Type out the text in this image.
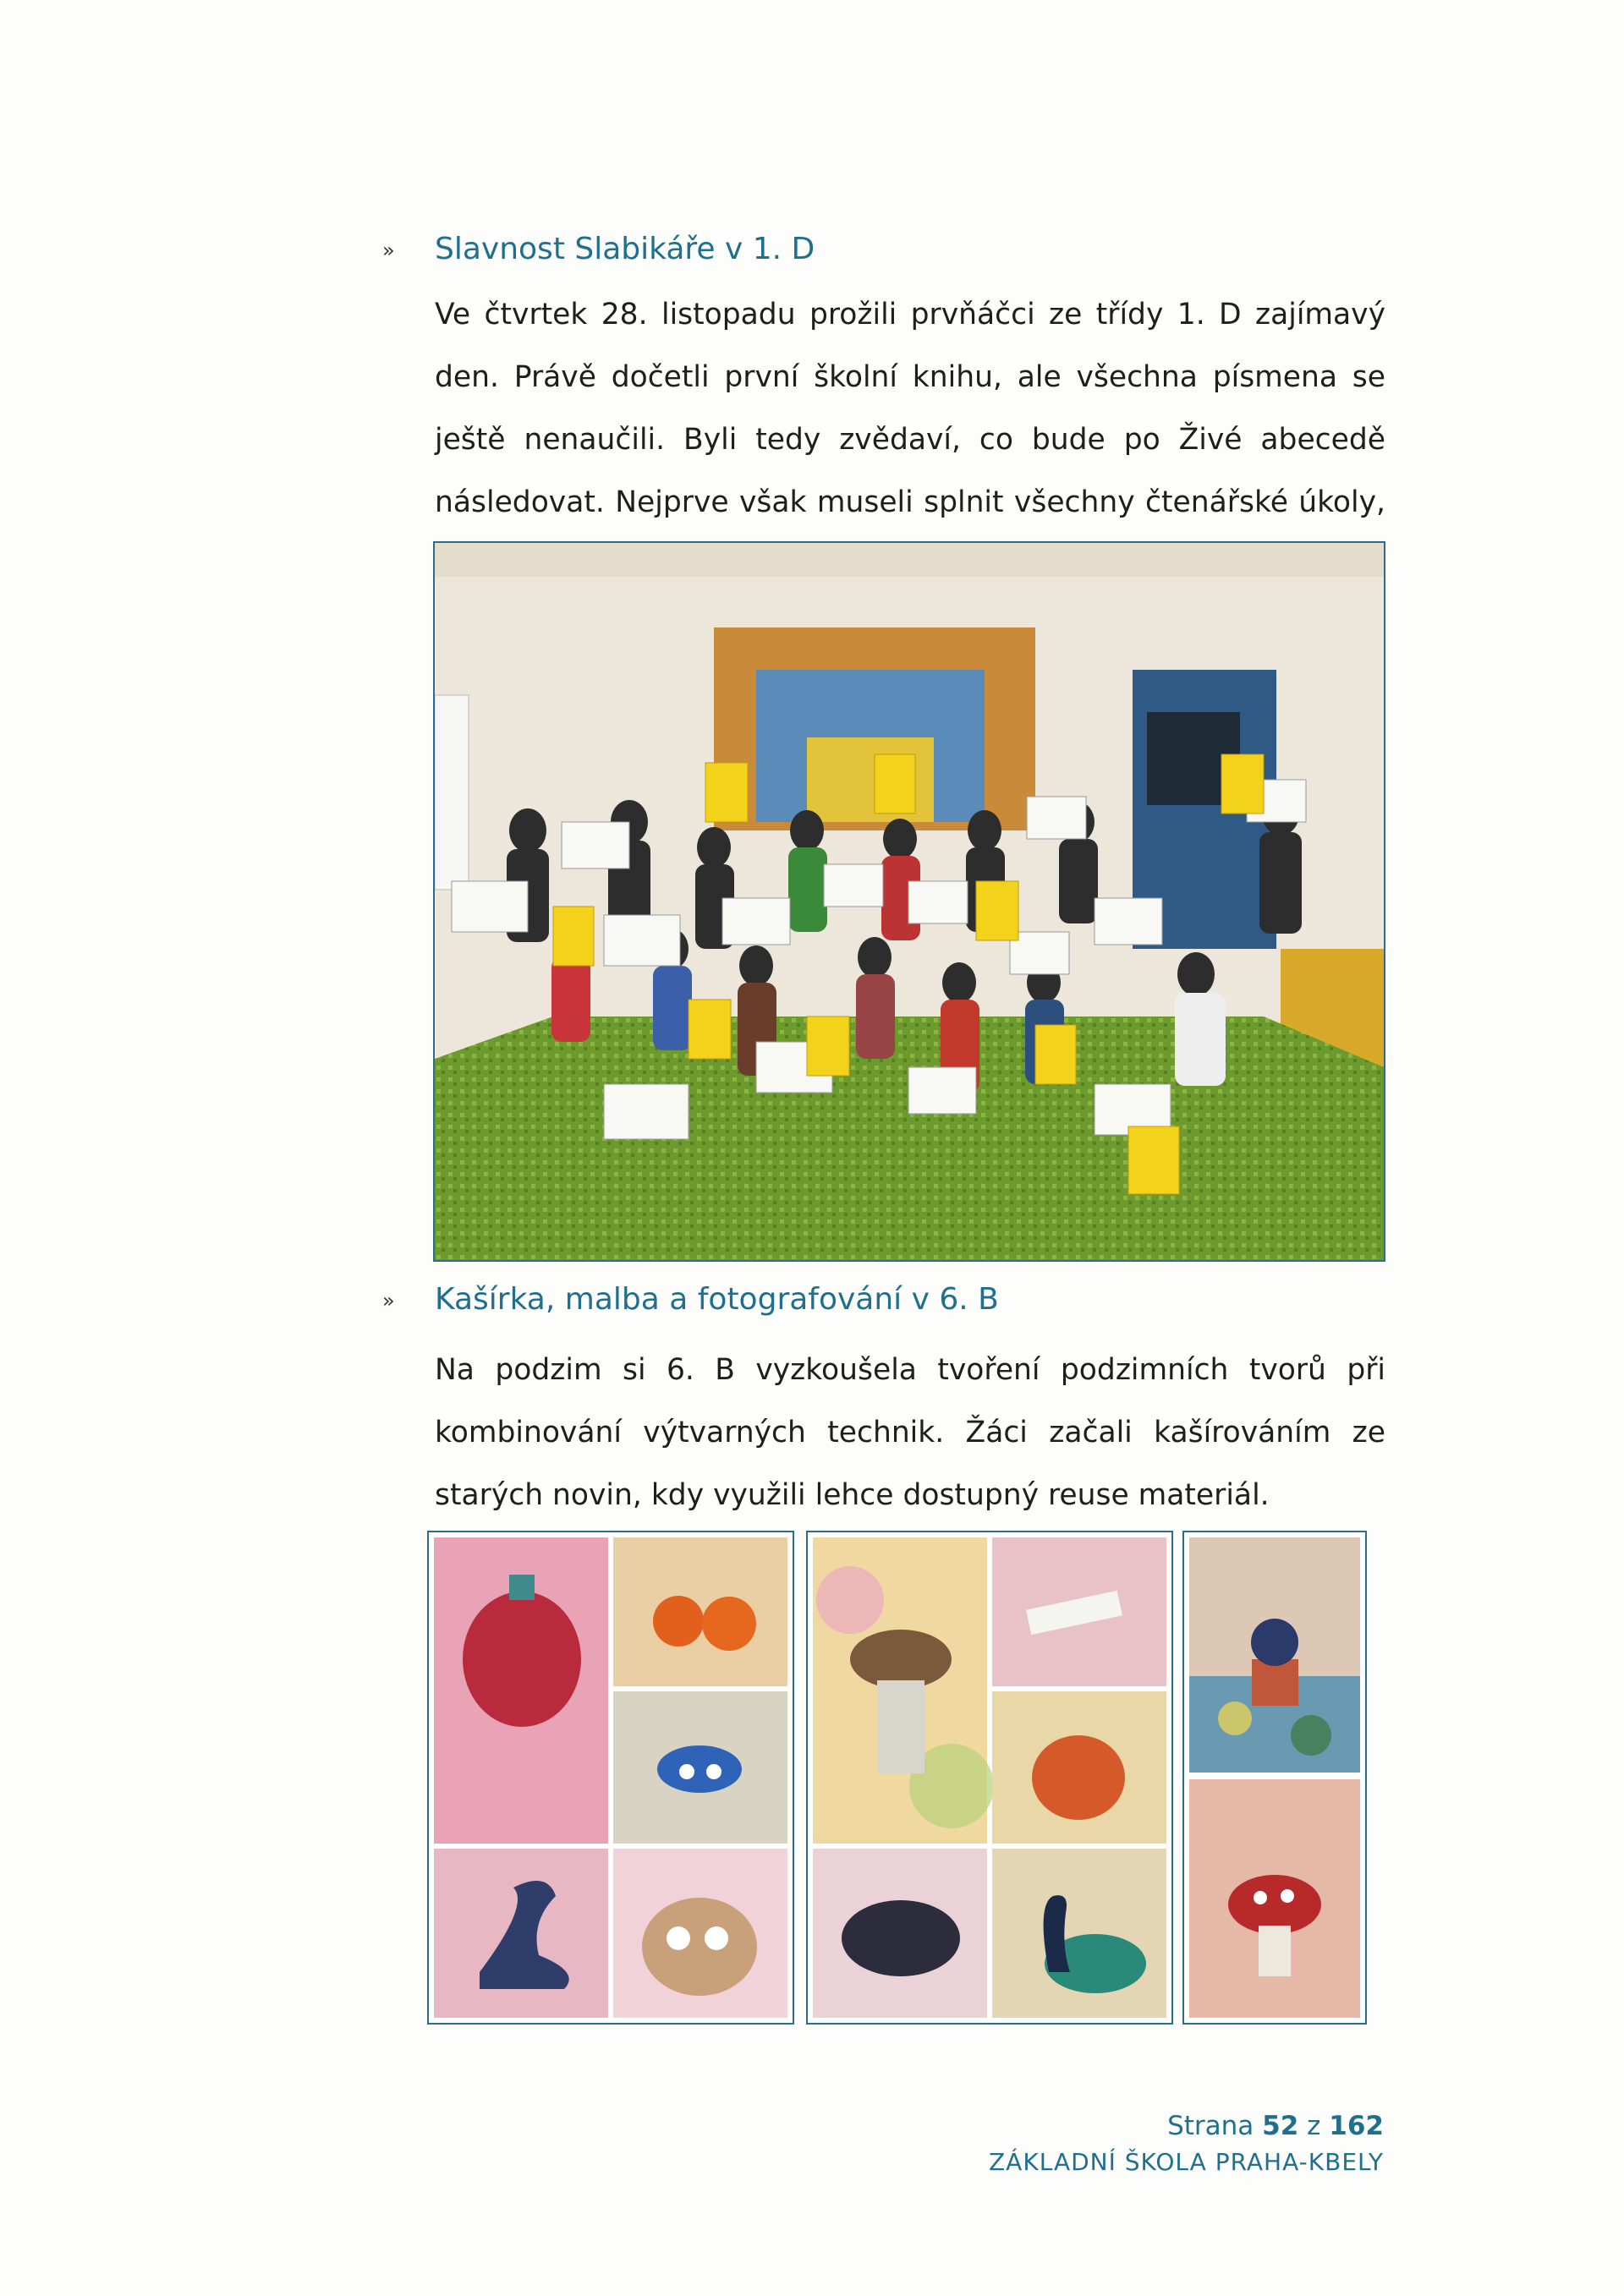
» Slavnost Slabikáře v 1. D
Ve čtvrtek 28. listopadu prožili prvňáčci ze třídy 1. D zajímavý den. Právě dočetli první školní knihu, ale všechna písmena se ještě nenaučili. Byli tedy zvědaví, co bude po Živé abecedě následovat. Nejprve však museli splnit všechny čtenářské úkoly,
» Kašírka, malba a fotografování v 6. B
Na podzim si 6. B vyzkoušela tvoření podzimních tvorů při kombinování výtvarných technik. Žáci začali kašírováním ze starých novin, kdy využili lehce dostupný reuse materiál.
Strana 52 z 162
ZÁKLADNÍ ŠKOLA PRAHA-KBELY
